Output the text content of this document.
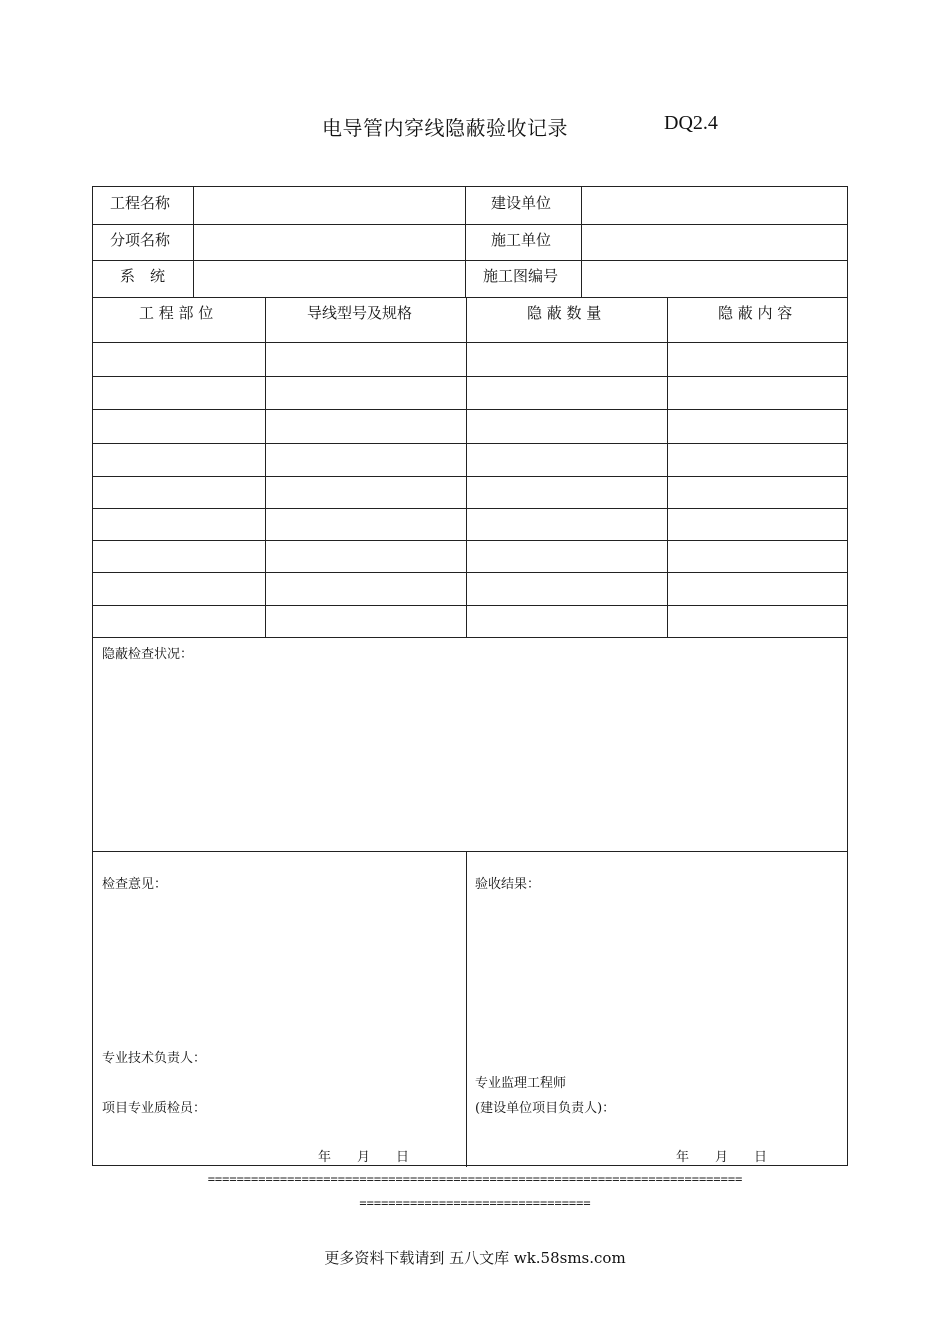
电导管内穿线隐蔽验收记录	DQ2.4
工程名称	建设单位
分项名称	施工单位
系　统	施工图编号
工 程 部 位	导线型号及规格	隐 蔽 数 量	隐 蔽 内 容
隐蔽检查状况：
检查意见：
专业技术负责人：
项目专业质检员：
年　　月　　日
验收结果：
专业监理工程师
(建设单位项目负责人)：
年　　月　　日
==========================================================================
================================
更多资料下载请到 五八文库 wk.58sms.com
